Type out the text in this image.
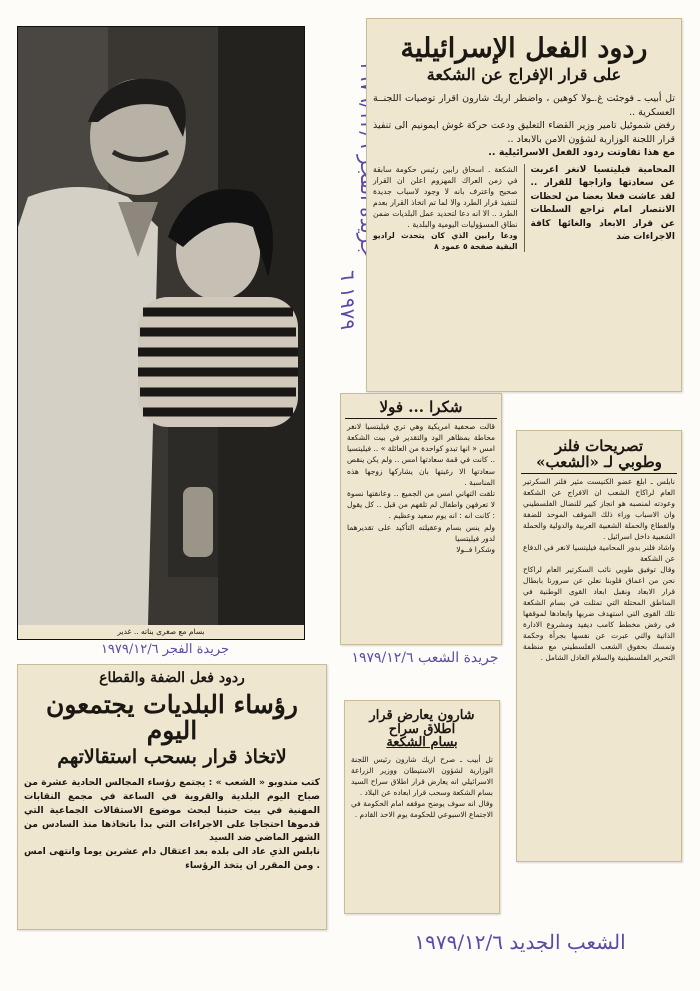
بسام مع صغرى بناته .. غدير
١٩٧٩ ٦
جريدة الفجر ١٩٧٩/١٢/٦
جريدة الشعب ١٩٧٩/١٢/٦
الشعب الجديد ١٩٧٩/١٢/٦
ردود الفعل الإسرائيلية
على قرار الإفراج عن الشكعة

تل أبيب ـ فوجئت غ.ـولا كوهين ، واضطر اريك شارون اقرار توصيات اللجنــة العسكرية ..

رفض شموئيل تامير وزير القضاء التعليق ودعت حركة غوش ايمونيم الى تنفيذ قرار اللجنة الوزارية لشؤون الامن بالابعاد ..

مع هذا تفاوتت ردود الفعل الاسرائيلية ..

المحامية فيليتسيا لانغر اعربت عن سعادتها وازاجها للقرار .. لقد عاشت فعلا بعضا من لحظات الانتصار امام تراجع السلطات عن قرار الابعاد والغائها كافة الاجراءات ضد

الشكعة . اسحاق رابين رئيس حكومة سابقة في زمن العراك المهزوم اعلن ان القرار صحيح واعترف بانه لا وجود لاسباب جديدة لتنفيذ قرار الطرد والا لما تم اتخاذ القرار بعدم الطرد .. الا انه دعا لتحديد عمل البلديات ضمن نطاق المسؤوليات اليومية والبلدية .

ودعا رابين الذي كان يتحدث لراديو البقية صفحة ٥ عمود ٨

شكرا ... فولا

قالت صحفية امريكية وهي تري فيليتسيا لانغر محاطة بمظاهر الود والتقدير في بيت الشكعة امس « انها تبدو كواحدة من العائلة » .. فيليتسيا .. كانت في قمة سعادتها امس .. ولم يكن ينقص سعادتها الا رغبتها بان يشاركها زوجها هذه المناسبة .

تلقت التهاني امس من الجميع .. وعانقتها نسوة لا تعرفهن واطفال لم تلقهم من قبل .. كل يقول : كانت انه : انه يوم سعيد وعظيم .

ولم ينس بسام وعقيلته التأكيد على تقديرهما لدور فيليتسيا

وشكرا فــولا

تصريحات فلنر
وطوبي لـ «الشعب»

نابلس ـ ابلغ عضو الكنيست مئير فلنر السكرتير العام لراكاح الشعب ان الافراج عن الشكعة وعودته لمنصبه هو انجاز كبير للنضال الفلسطيني وان الاسباب وراء ذلك الموقف الموحد للضفة والقطاع والحملة الشعبية العربية والدولية والحملة الشعبية داخل اسرائيل .

واشاد فلنر بدور المحامية فيليتسيا لانغر في الدفاع عن الشكعة

وقال توفيق طوبي نائب السكرتير العام لراكاح نحن من اعماق قلوبنا نعلن عن سرورنا بابطال قرار الابعاد ونقبل ابعاد القوى الوطنية في المناطق المحتلة التي تمثلت في بسام الشكعة تلك القوى التي استهدف ضربها وابعادها لموقفها في رفض مخطط كامب ديفيد ومشروع الادارة الذاتية والتي عبرت عن نفسها بجرأة وحكمة وتمسك بحقوق الشعب الفلسطيني مع منظمة التحرير الفلسطينية والسلام العادل الشامل .

شارون يعارض قرار
اطلاق سراح
بسام الشكعة

تل أبيب ـ صرح اريك شارون رئيس اللجنة الوزارية لشؤون الاستيطان ووزير الزراعة الاسرائيلي انه يعارض قرار اطلاق سراح السيد بسام الشكعة وسحب قرار ابعاده عن البلاد .

وقال انه سوف يوضح موقفه امام الحكومة في الاجتماع الاسبوعي للحكومة يوم الاحد القادم .

ردود فعل الضفة والقطاع
رؤساء البلديات يجتمعون اليوم
لاتخاذ قرار بسحب استقالاتهم

كتب مندوبو « الشعب » : يجتمع رؤساء المجالس الحادية عشرة من صباح اليوم البلدية والقروية في الساعة في مجمع النقابات المهنية في بيت حنينا لبحث موضوع الاستقالات الجماعية التي قدموها احتجاجا على الاجراءات التي بدأ باتخاذها منذ السادس من الشهر الماضي ضد السيد

نابلس الذي عاد الى بلده بعد اعتقال دام عشرين يوما وانتهى امس . ومن المقرر ان يتخذ الرؤساء
